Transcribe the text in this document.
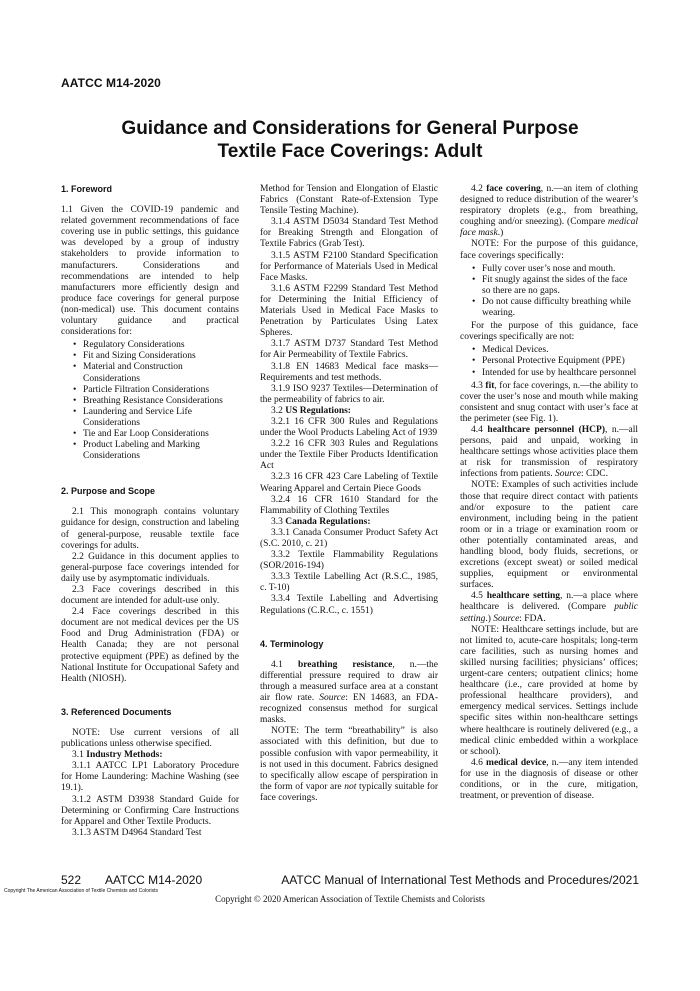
AATCC M14-2020
Guidance and Considerations for General Purpose
Textile Face Coverings: Adult

1. Foreword

1.1 Given the COVID-19 pandemic and related government recommendations of face covering use in public settings, this guidance was developed by a group of industry stakeholders to provide information to manufacturers. Considerations and recommendations are intended to help manufacturers more efficiently design and produce face coverings for general purpose (non-medical) use. This document contains voluntary guidance and practical considerations for:

• Regulatory Considerations
• Fit and Sizing Considerations
• Material and Construction Considerations
• Particle Filtration Considerations
• Breathing Resistance Considerations
• Laundering and Service Life Considerations
• Tie and Ear Loop Considerations
• Product Labeling and Marking Considerations

2. Purpose and Scope

2.1 This monograph contains voluntary guidance for design, construction and labeling of general-purpose, reusable textile face coverings for adults.

2.2 Guidance in this document applies to general-purpose face coverings intended for daily use by asymptomatic individuals.

2.3 Face coverings described in this document are intended for adult-use only.

2.4 Face coverings described in this document are not medical devices per the US Food and Drug Administration (FDA) or Health Canada; they are not personal protective equipment (PPE) as defined by the National Institute for Occupational Safety and Health (NIOSH).

3. Referenced Documents

NOTE: Use current versions of all publications unless otherwise specified.

3.1 Industry Methods:

3.1.1 AATCC LP1 Laboratory Procedure for Home Laundering: Machine Washing (see 19.1).

3.1.2 ASTM D3938 Standard Guide for Determining or Confirming Care Instructions for Apparel and Other Textile Products.

3.1.3 ASTM D4964 Standard Test

Method for Tension and Elongation of Elastic Fabrics (Constant Rate-of-Extension Type Tensile Testing Machine).

3.1.4 ASTM D5034 Standard Test Method for Breaking Strength and Elongation of Textile Fabrics (Grab Test).

3.1.5 ASTM F2100 Standard Specification for Performance of Materials Used in Medical Face Masks.

3.1.6 ASTM F2299 Standard Test Method for Determining the Initial Efficiency of Materials Used in Medical Face Masks to Penetration by Particulates Using Latex Spheres.

3.1.7 ASTM D737 Standard Test Method for Air Permeability of Textile Fabrics.

3.1.8 EN 14683 Medical face masks—Requirements and test methods.

3.1.9 ISO 9237 Textiles—Determination of the permeability of fabrics to air.

3.2 US Regulations:

3.2.1 16 CFR 300 Rules and Regulations under the Wool Products Labeling Act of 1939

3.2.2 16 CFR 303 Rules and Regulations under the Textile Fiber Products Identification Act

3.2.3 16 CFR 423 Care Labeling of Textile Wearing Apparel and Certain Piece Goods

3.2.4 16 CFR 1610 Standard for the Flammability of Clothing Textiles

3.3 Canada Regulations:

3.3.1 Canada Consumer Product Safety Act (S.C. 2010, c. 21)

3.3.2 Textile Flammability Regulations (SOR/2016-194)

3.3.3 Textile Labelling Act (R.S.C., 1985, c. T-10)

3.3.4 Textile Labelling and Advertising Regulations (C.R.C., c. 1551)

4. Terminology

4.1 breathing resistance, n.—the differential pressure required to draw air through a measured surface area at a constant air flow rate. Source: EN 14683, an FDA-recognized consensus method for surgical masks.

NOTE: The term “breathability” is also associated with this definition, but due to possible confusion with vapor permeability, it is not used in this document. Fabrics designed to specifically allow escape of perspiration in the form of vapor are not typically suitable for face coverings.

4.2 face covering, n.—an item of clothing designed to reduce distribution of the wearer’s respiratory droplets (e.g., from breathing, coughing and/or sneezing). (Compare medical face mask.)

NOTE: For the purpose of this guidance, face coverings specifically:

• Fully cover user’s nose and mouth.
• Fit snugly against the sides of the face so there are no gaps.
• Do not cause difficulty breathing while wearing.

For the purpose of this guidance, face coverings specifically are not:

• Medical Devices.
• Personal Protective Equipment (PPE)
• Intended for use by healthcare personnel

4.3 fit, for face coverings, n.—the ability to cover the user’s nose and mouth while making consistent and snug contact with user’s face at the perimeter (see Fig. 1).

4.4 healthcare personnel (HCP), n.—all persons, paid and unpaid, working in healthcare settings whose activities place them at risk for transmission of respiratory infections from patients. Source: CDC.

NOTE: Examples of such activities include those that require direct contact with patients and/or exposure to the patient care environment, including being in the patient room or in a triage or examination room or other potentially contaminated areas, and handling blood, body fluids, secretions, or excretions (except sweat) or soiled medical supplies, equipment or environmental surfaces.

4.5 healthcare setting, n.—a place where healthcare is delivered. (Compare public setting.) Source: FDA.

NOTE: Healthcare settings include, but are not limited to, acute-care hospitals; long-term care facilities, such as nursing homes and skilled nursing facilities; physicians’ offices; urgent-care centers; outpatient clinics; home healthcare (i.e., care provided at home by professional healthcare providers), and emergency medical services. Settings include specific sites within non-healthcare settings where healthcare is routinely delivered (e.g., a medical clinic embedded within a workplace or school).

4.6 medical device, n.—any item intended for use in the diagnosis of disease or other conditions, or in the cure, mitigation, treatment, or prevention of disease.

522 AATCC M14-2020	AATCC Manual of International Test Methods and Procedures/2021
Copyright The American Association of Textile Chemists and Colorists
Copyright © 2020 American Association of Textile Chemists and Colorists
